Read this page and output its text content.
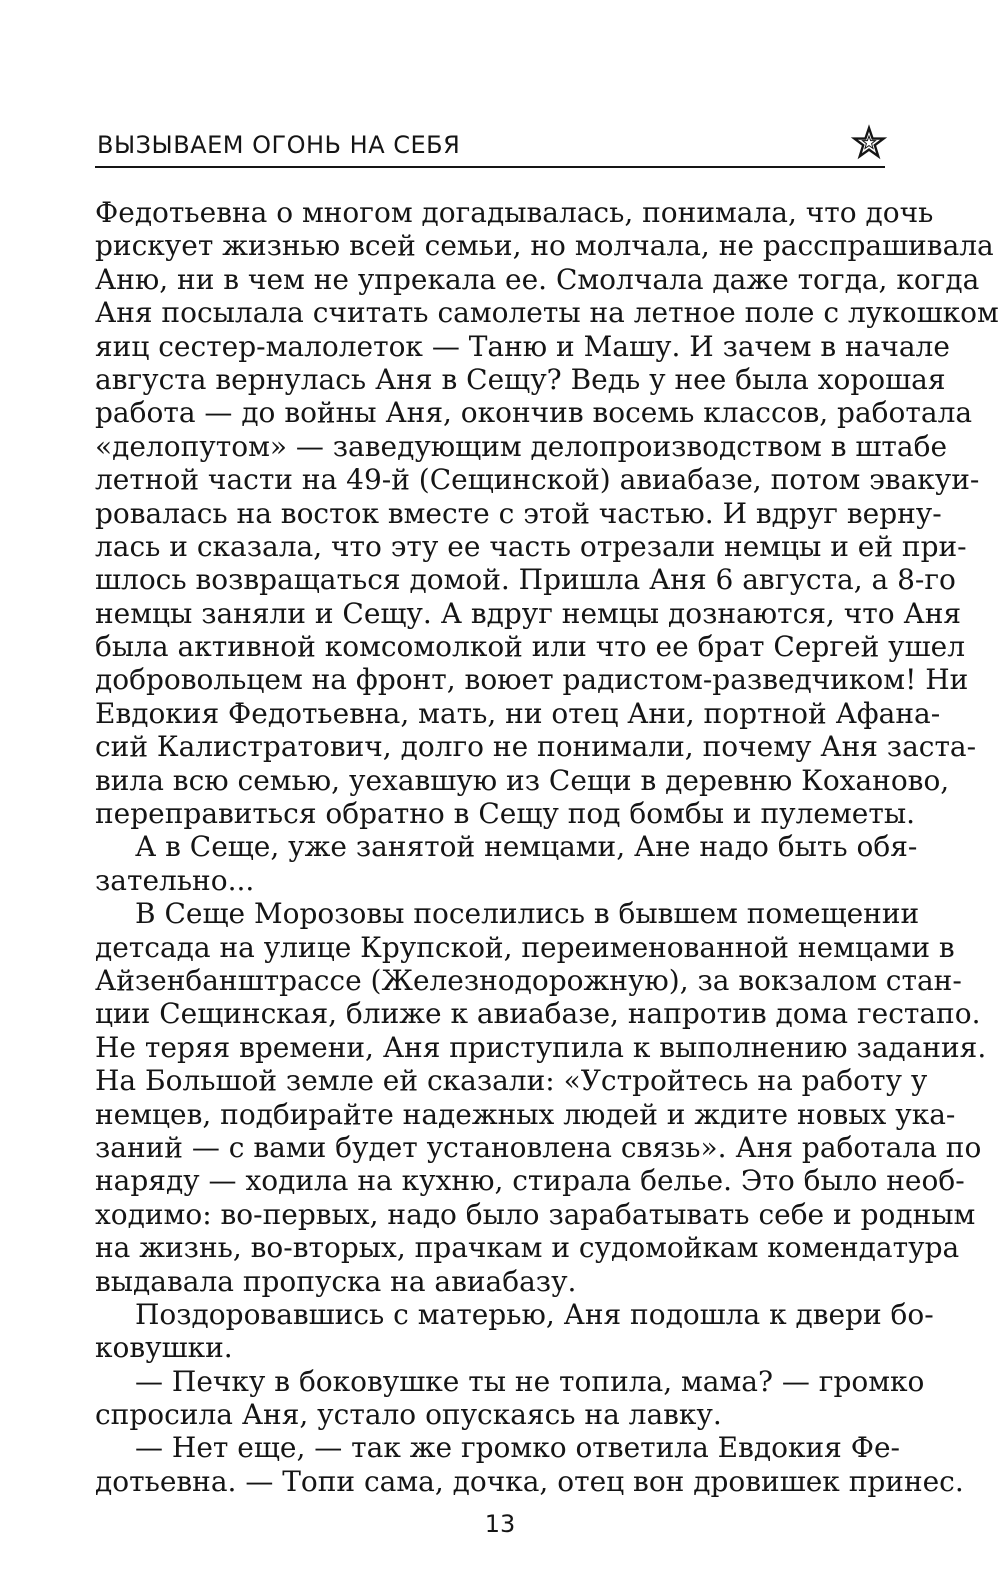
ВЫЗЫВАЕМ ОГОНЬ НА СЕБЯ
Федотьевна о многом догадывалась, понимала, что дочь
рискует жизнью всей семьи, но молчала, не расспрашивала
Аню, ни в чем не упрекала ее. Смолчала даже тогда, когда
Аня посылала считать самолеты на летное поле с лукошком
яиц сестер-малолеток — Таню и Машу. И зачем в начале
августа вернулась Аня в Сещу? Ведь у нее была хорошая
работа — до войны Аня, окончив восемь классов, работала
«делопутом» — заведующим делопроизводством в штабе
летной части на 49-й (Сещинской) авиабазе, потом эвакуи-
ровалась на восток вместе с этой частью. И вдруг верну-
лась и сказала, что эту ее часть отрезали немцы и ей при-
шлось возвращаться домой. Пришла Аня 6 августа, а 8-го
немцы заняли и Сещу. А вдруг немцы дознаются, что Аня
была активной комсомолкой или что ее брат Сергей ушел
добровольцем на фронт, воюет радистом-разведчиком! Ни
Евдокия Федотьевна, мать, ни отец Ани, портной Афана-
сий Калистратович, долго не понимали, почему Аня заста-
вила всю семью, уехавшую из Сещи в деревню Коханово,
переправиться обратно в Сещу под бомбы и пулеметы.
А в Сеще, уже занятой немцами, Ане надо быть обя-
зательно...
В Сеще Морозовы поселились в бывшем помещении
детсада на улице Крупской, переименованной немцами в
Айзенбанштрассе (Железнодорожную), за вокзалом стан-
ции Сещинская, ближе к авиабазе, напротив дома гестапо.
Не теряя времени, Аня приступила к выполнению задания.
На Большой земле ей сказали: «Устройтесь на работу у
немцев, подбирайте надежных людей и ждите новых ука-
заний — с вами будет установлена связь». Аня работала по
наряду — ходила на кухню, стирала белье. Это было необ-
ходимо: во-первых, надо было зарабатывать себе и родным
на жизнь, во-вторых, прачкам и судомойкам комендатура
выдавала пропуска на авиабазу.
Поздоровавшись с матерью, Аня подошла к двери бо-
ковушки.
— Печку в боковушке ты не топила, мама? — громко
спросила Аня, устало опускаясь на лавку.
— Нет еще, — так же громко ответила Евдокия Фе-
дотьевна. — Топи сама, дочка, отец вон дровишек принес.
13
